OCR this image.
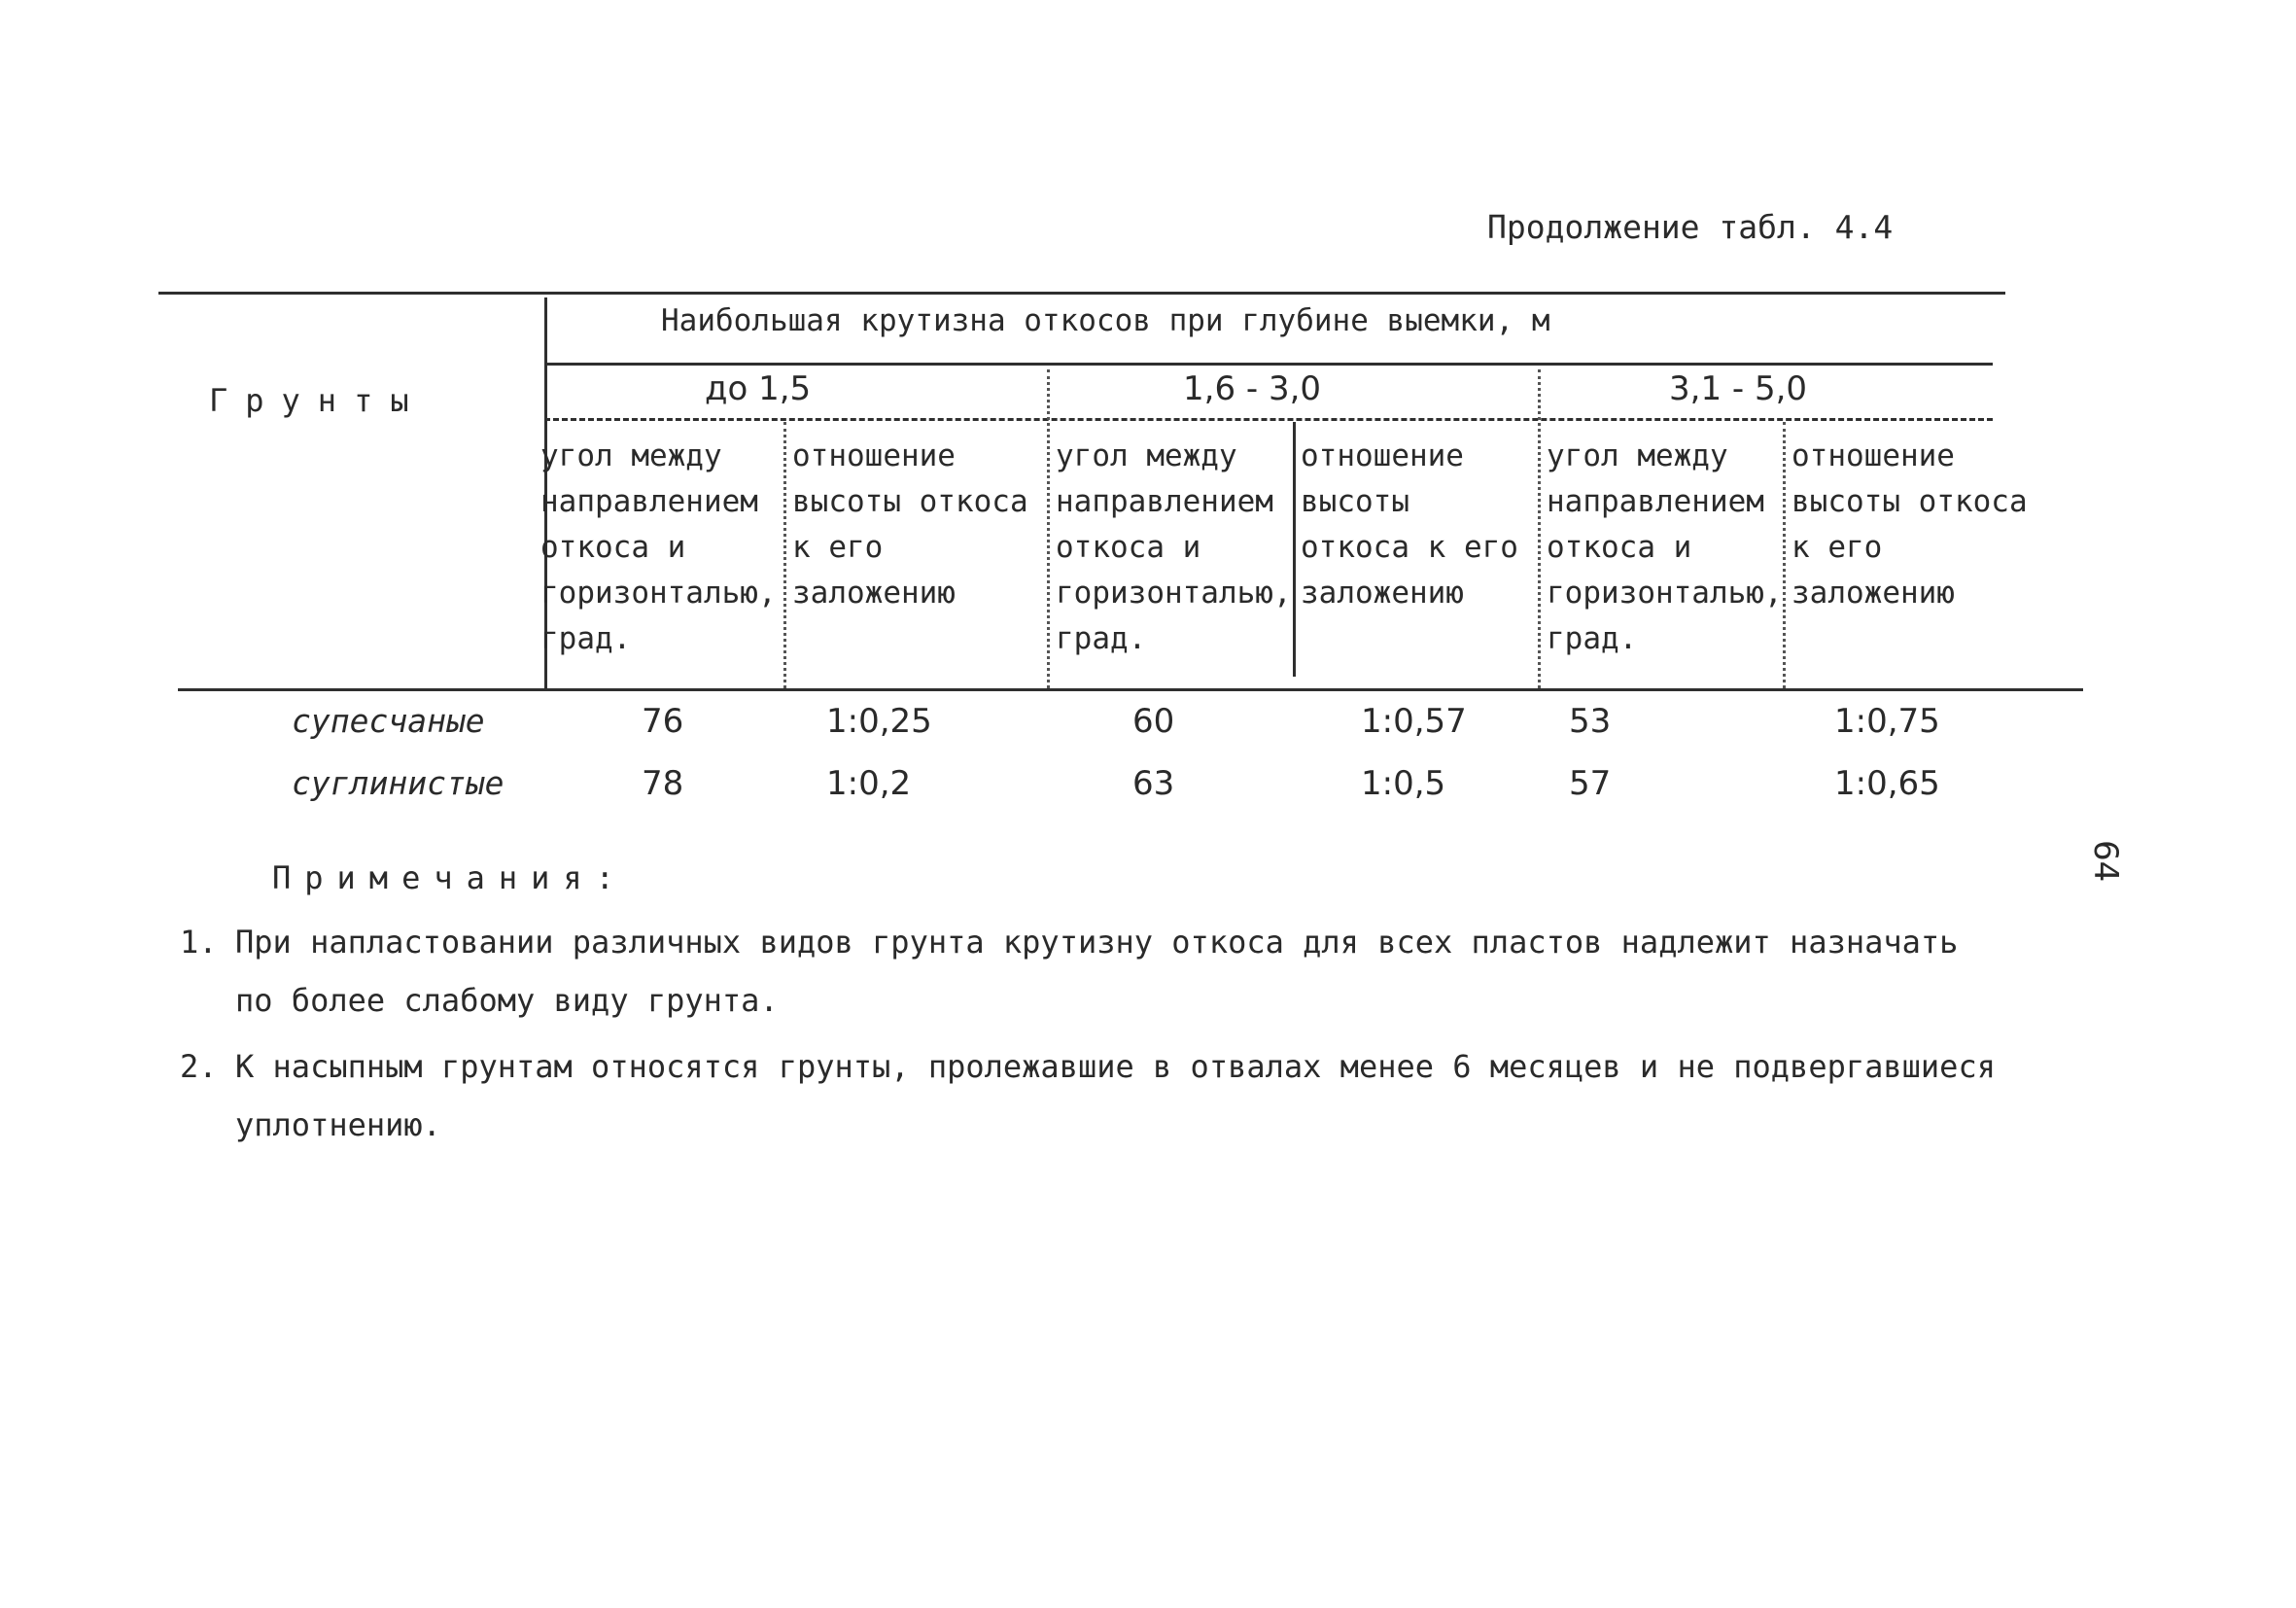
Продолжение табл. 4.4
Грунты
Наибольшая крутизна откосов при глубине выемки, м
до 1,5	1,6 - 3,0	3,1 - 5,0
угол между направлением откоса и горизонталью, град.
отношение высоты откоса к его заложению
угол между направлением откоса и горизонталью, град.
отношение высоты откоса к его заложению
угол между направлением откоса и горизонталью, град.
отношение высоты откоса к его заложению
супесчаные	76	1:0,25	60	1:0,57	53	1:0,75
суглинистые	78	1:0,2	63	1:0,5	57	1:0,65
Примечания:
1. При напластовании различных видов грунта крутизну откоса для всех пластов надлежит назначать
по более слабому виду грунта.
2. К насыпным грунтам относятся грунты, пролежавшие в отвалах менее 6 месяцев и не подвергавшиеся
уплотнению.
64
